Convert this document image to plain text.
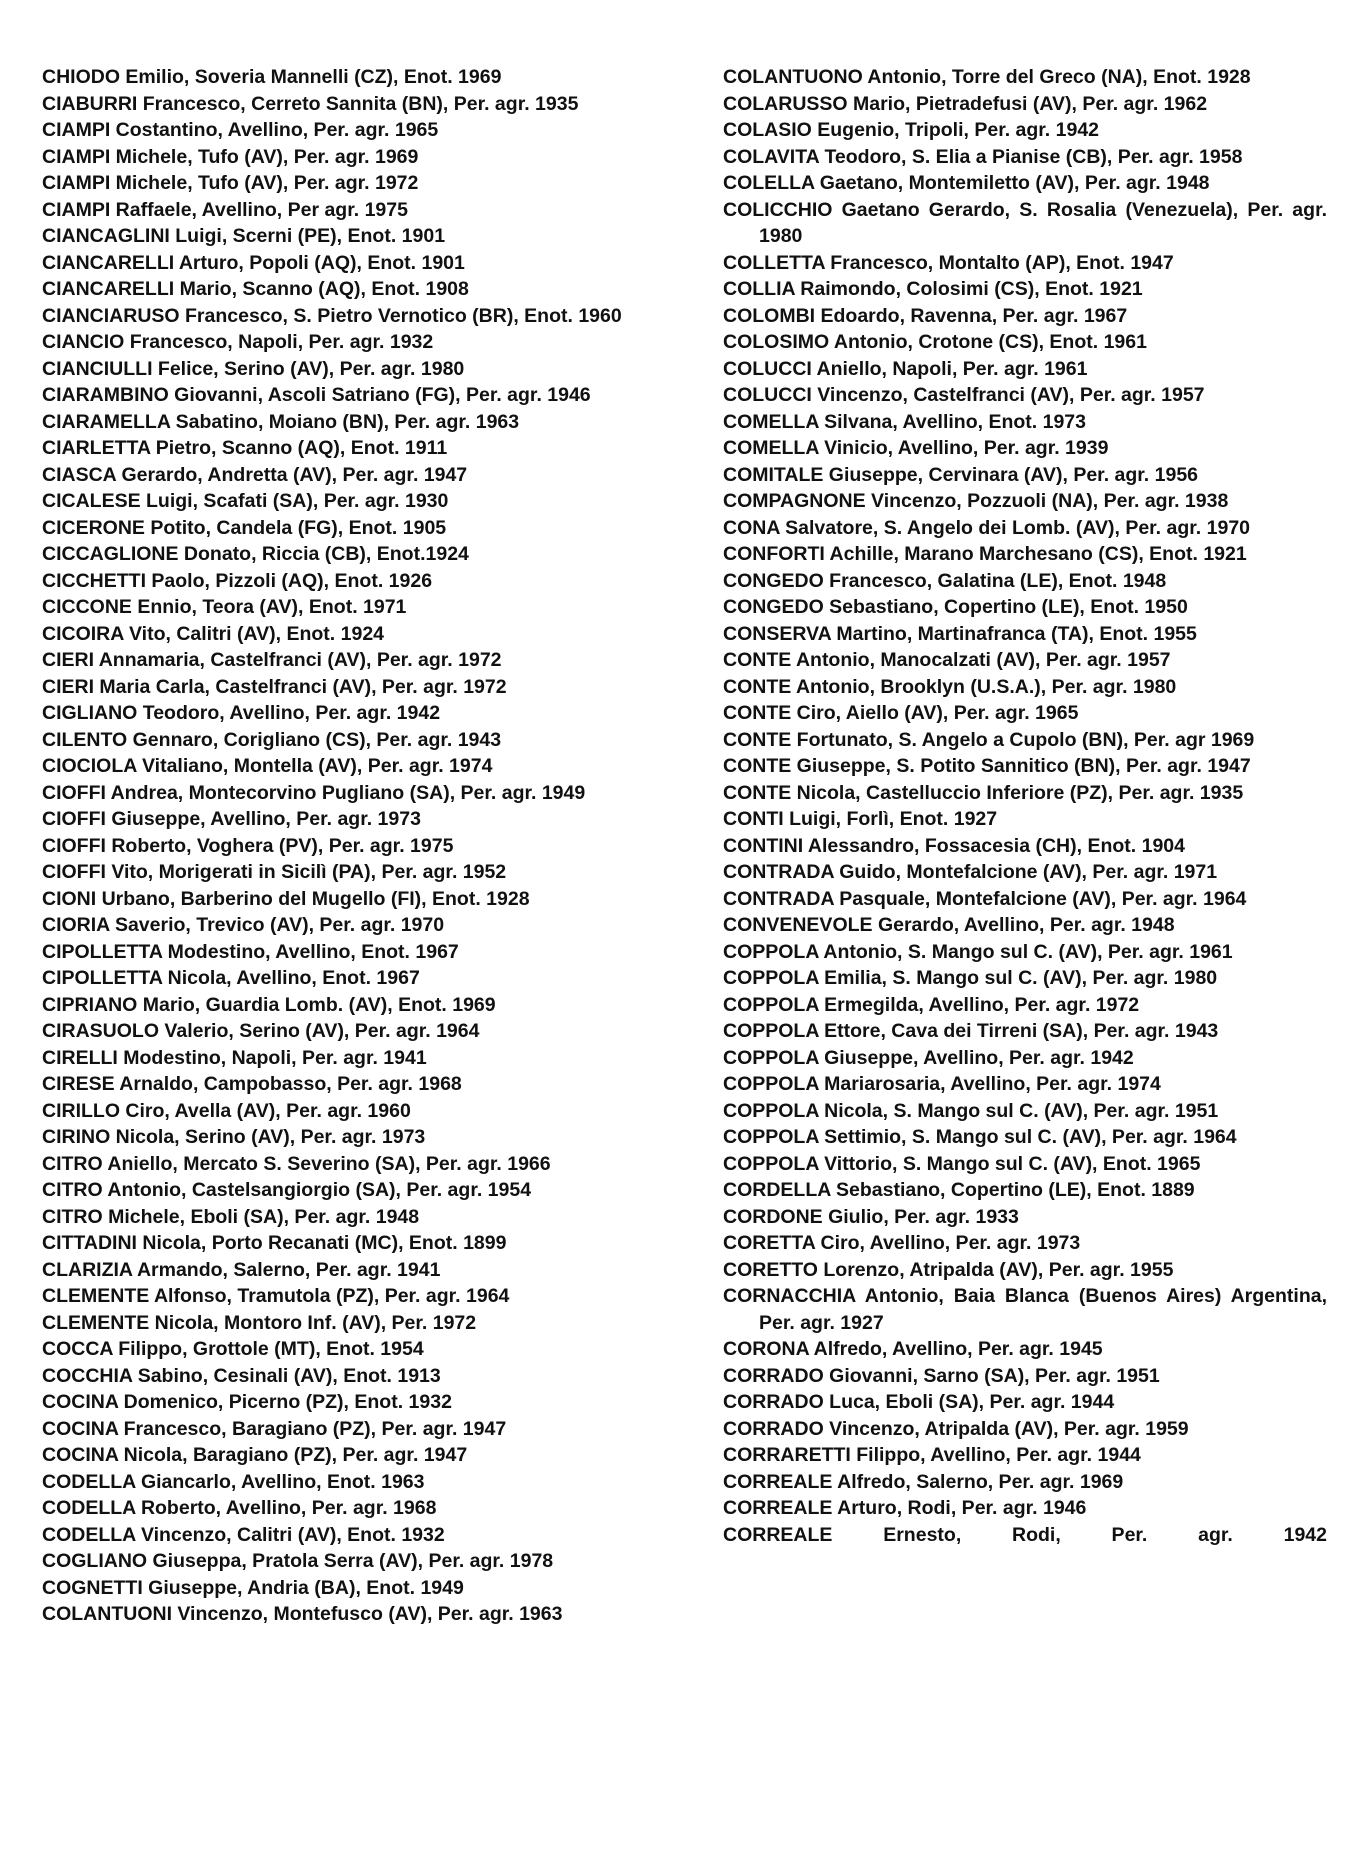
CHIODO Emilio, Soveria Mannelli (CZ), Enot. 1969

CIABURRI Francesco, Cerreto Sannita (BN), Per. agr. 1935

CIAMPI Costantino, Avellino, Per. agr. 1965

CIAMPI Michele, Tufo (AV), Per. agr. 1969

CIAMPI Michele, Tufo (AV), Per. agr. 1972

CIAMPI Raffaele, Avellino, Per agr. 1975

CIANCAGLINI Luigi, Scerni (PE), Enot. 1901

CIANCARELLI Arturo, Popoli (AQ), Enot. 1901

CIANCARELLI Mario, Scanno (AQ), Enot. 1908

CIANCIARUSO Francesco, S. Pietro Vernotico (BR), Enot. 1960

CIANCIO Francesco, Napoli, Per. agr. 1932

CIANCIULLI Felice, Serino (AV), Per. agr. 1980

CIARAMBINO Giovanni, Ascoli Satriano (FG), Per. agr. 1946

CIARAMELLA Sabatino, Moiano (BN), Per. agr. 1963

CIARLETTA Pietro, Scanno (AQ), Enot. 1911

CIASCA Gerardo, Andretta (AV), Per. agr. 1947

CICALESE Luigi, Scafati (SA), Per. agr. 1930

CICERONE Potito, Candela (FG), Enot. 1905

CICCAGLIONE Donato, Riccia (CB), Enot.1924

CICCHETTI Paolo, Pizzoli (AQ), Enot. 1926

CICCONE Ennio, Teora (AV), Enot. 1971

CICOIRA Vito, Calitri (AV), Enot. 1924

CIERI Annamaria, Castelfranci (AV), Per. agr. 1972

CIERI Maria Carla, Castelfranci (AV), Per. agr. 1972

CIGLIANO Teodoro, Avellino, Per. agr. 1942

CILENTO Gennaro, Corigliano (CS), Per. agr. 1943

CIOCIOLA Vitaliano, Montella (AV), Per. agr. 1974

CIOFFI Andrea, Montecorvino Pugliano (SA), Per. agr. 1949

CIOFFI Giuseppe, Avellino, Per. agr. 1973

CIOFFI Roberto, Voghera (PV), Per. agr. 1975

CIOFFI Vito, Morigerati in Sicilì (PA), Per. agr. 1952

CIONI Urbano, Barberino del Mugello (FI), Enot. 1928

CIORIA Saverio, Trevico (AV), Per. agr. 1970

CIPOLLETTA Modestino, Avellino, Enot. 1967

CIPOLLETTA Nicola, Avellino, Enot. 1967

CIPRIANO Mario, Guardia Lomb. (AV), Enot. 1969

CIRASUOLO Valerio, Serino (AV), Per. agr. 1964

CIRELLI Modestino, Napoli, Per. agr. 1941

CIRESE Arnaldo, Campobasso, Per. agr. 1968

CIRILLO Ciro, Avella (AV), Per. agr. 1960

CIRINO Nicola, Serino (AV), Per. agr. 1973

CITRO Aniello, Mercato S. Severino (SA), Per. agr. 1966

CITRO Antonio, Castelsangiorgio (SA), Per. agr. 1954

CITRO Michele, Eboli (SA), Per. agr. 1948

CITTADINI Nicola, Porto Recanati (MC), Enot. 1899

CLARIZIA Armando, Salerno, Per. agr. 1941

CLEMENTE Alfonso, Tramutola (PZ), Per. agr. 1964

CLEMENTE Nicola, Montoro Inf. (AV), Per. 1972

COCCA Filippo, Grottole (MT), Enot. 1954

COCCHIA Sabino, Cesinali (AV), Enot. 1913

COCINA Domenico, Picerno (PZ), Enot. 1932

COCINA Francesco, Baragiano (PZ), Per. agr. 1947

COCINA Nicola, Baragiano (PZ), Per. agr. 1947

CODELLA Giancarlo, Avellino, Enot. 1963

CODELLA Roberto, Avellino, Per. agr. 1968

CODELLA Vincenzo, Calitri (AV), Enot. 1932

COGLIANO Giuseppa, Pratola Serra (AV), Per. agr. 1978

COGNETTI Giuseppe, Andria (BA), Enot. 1949

COLANTUONI Vincenzo, Montefusco (AV), Per. agr. 1963

COLANTUONO Antonio, Torre del Greco (NA), Enot. 1928

COLARUSSO Mario, Pietradefusi (AV), Per. agr. 1962

COLASIO Eugenio, Tripoli, Per. agr. 1942

COLAVITA Teodoro, S. Elia a Pianise (CB), Per. agr. 1958

COLELLA Gaetano, Montemiletto (AV), Per. agr. 1948

COLICCHIO Gaetano Gerardo, S. Rosalia (Venezuela), Per. agr. 1980

COLLETTA Francesco, Montalto (AP), Enot. 1947

COLLIA Raimondo, Colosimi (CS), Enot. 1921

COLOMBI Edoardo, Ravenna, Per. agr. 1967

COLOSIMO Antonio, Crotone (CS), Enot. 1961

COLUCCI Aniello, Napoli, Per. agr. 1961

COLUCCI Vincenzo, Castelfranci (AV), Per. agr. 1957

COMELLA Silvana, Avellino, Enot. 1973

COMELLA Vinicio, Avellino, Per. agr. 1939

COMITALE Giuseppe, Cervinara (AV), Per. agr. 1956

COMPAGNONE Vincenzo, Pozzuoli (NA), Per. agr. 1938

CONA Salvatore, S. Angelo dei Lomb. (AV), Per. agr. 1970

CONFORTI Achille, Marano Marchesano (CS), Enot. 1921

CONGEDO Francesco, Galatina (LE), Enot. 1948

CONGEDO Sebastiano, Copertino (LE), Enot. 1950

CONSERVA Martino, Martinafranca (TA), Enot. 1955

CONTE Antonio, Manocalzati (AV), Per. agr. 1957

CONTE Antonio, Brooklyn (U.S.A.), Per. agr. 1980

CONTE Ciro, Aiello (AV), Per. agr. 1965

CONTE Fortunato, S. Angelo a Cupolo (BN), Per. agr 1969

CONTE Giuseppe, S. Potito Sannitico (BN), Per. agr. 1947

CONTE Nicola, Castelluccio Inferiore (PZ), Per. agr. 1935

CONTI Luigi, Forlì, Enot. 1927

CONTINI Alessandro, Fossacesia (CH), Enot. 1904

CONTRADA Guido, Montefalcione (AV), Per. agr. 1971

CONTRADA Pasquale, Montefalcione (AV), Per. agr. 1964

CONVENEVOLE Gerardo, Avellino, Per. agr. 1948

COPPOLA Antonio, S. Mango sul C. (AV), Per. agr. 1961

COPPOLA Emilia, S. Mango sul C. (AV), Per. agr. 1980

COPPOLA Ermegilda, Avellino, Per. agr. 1972

COPPOLA Ettore, Cava dei Tirreni (SA), Per. agr. 1943

COPPOLA Giuseppe, Avellino, Per. agr. 1942

COPPOLA Mariarosaria, Avellino, Per. agr. 1974

COPPOLA Nicola, S. Mango sul C. (AV), Per. agr. 1951

COPPOLA Settimio, S. Mango sul C. (AV), Per. agr. 1964

COPPOLA Vittorio, S. Mango sul C. (AV), Enot. 1965

CORDELLA Sebastiano, Copertino (LE), Enot. 1889

CORDONE Giulio, Per. agr. 1933

CORETTA Ciro, Avellino, Per. agr. 1973

CORETTO Lorenzo, Atripalda (AV), Per. agr. 1955

CORNACCHIA Antonio, Baia Blanca (Buenos Aires) Argentina, Per. agr. 1927

CORONA Alfredo, Avellino, Per. agr. 1945

CORRADO Giovanni, Sarno (SA), Per. agr. 1951

CORRADO Luca, Eboli (SA), Per. agr. 1944

CORRADO Vincenzo, Atripalda (AV), Per. agr. 1959

CORRARETTI Filippo, Avellino, Per. agr. 1944

CORREALE Alfredo, Salerno, Per. agr. 1969

CORREALE Arturo, Rodi, Per. agr. 1946

CORREALE Ernesto, Rodi, Per. agr. 1942
